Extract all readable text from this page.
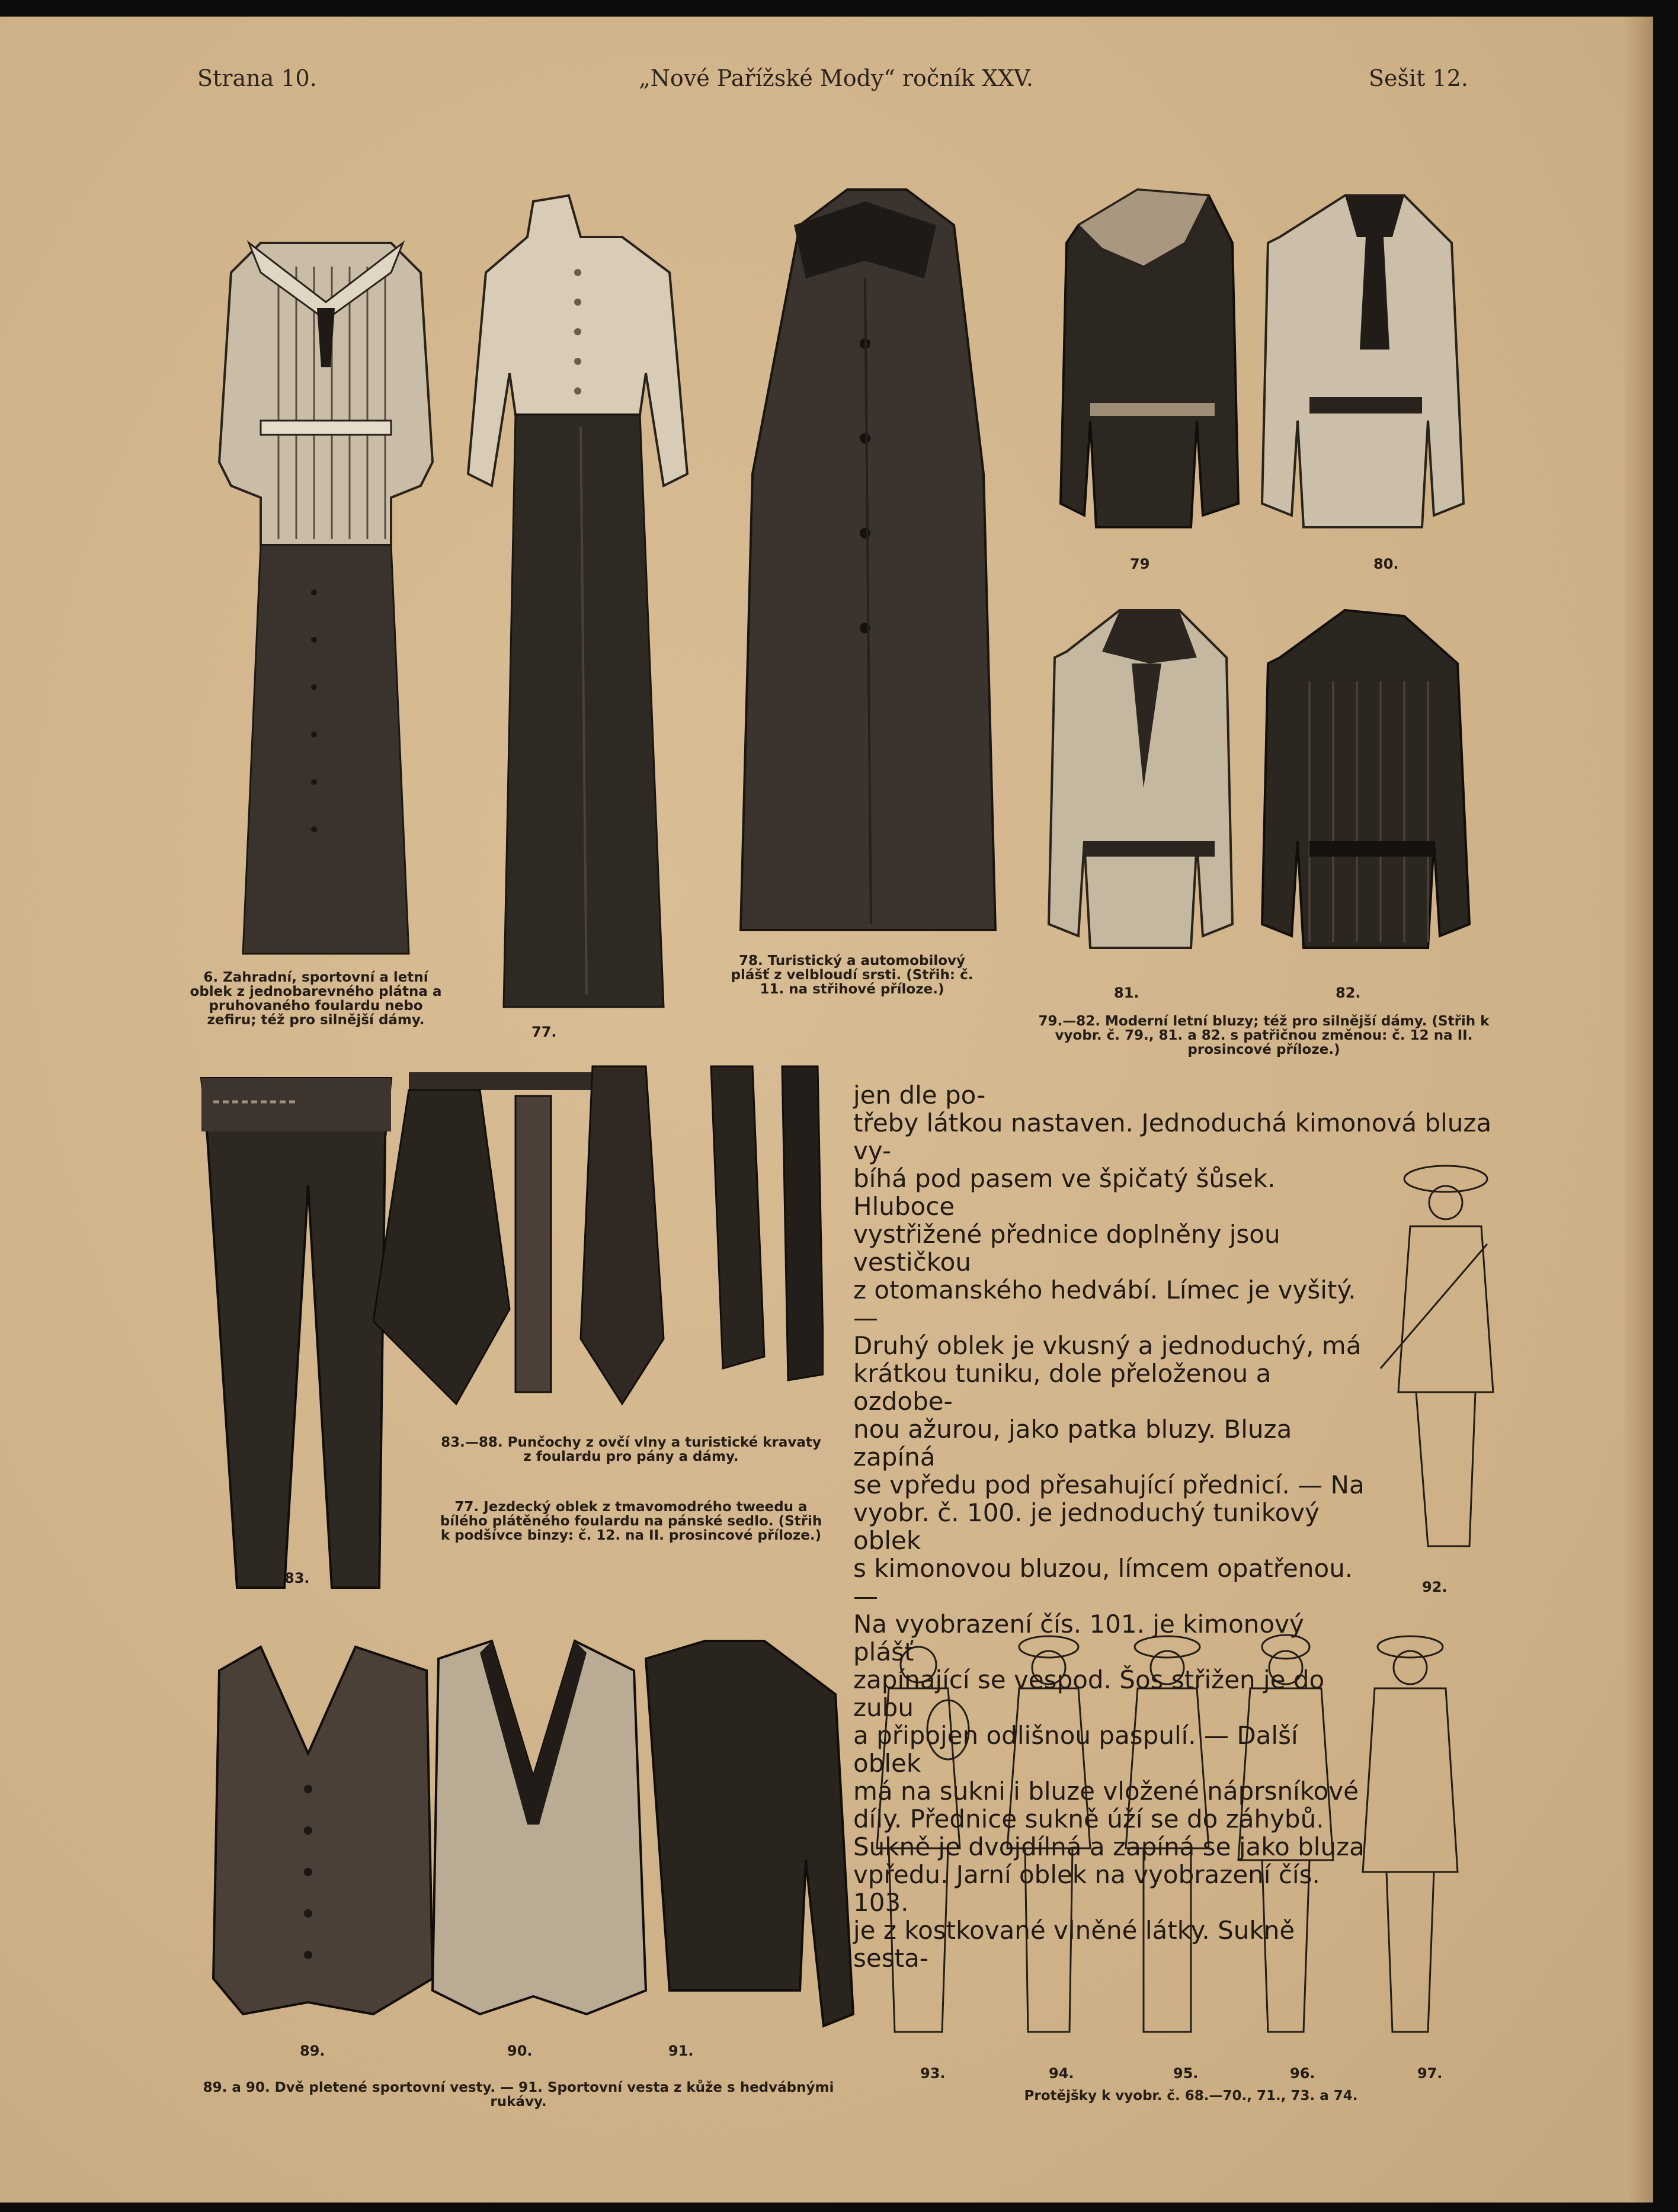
Strana 10.	„Nové Pařížské Mody“ ročník XXV.	Sešit 12.
6. Zahradní, sportovní a letní oblek z jednobarevného plátna a pruhovaného foulardu nebo zefiru; též pro silnější dámy.
78. Turistický a automobilový plášť z velbloudí srsti. (Střih: č. 11. na střihové příloze.)
79.—82. Moderní letní bluzy; též pro silnější dámy. (Střih k vyobr. č. 79., 81. a 82. s patřičnou změnou: č. 12 na II. prosincové příloze.)
83.—88. Punčochy z ovčí vlny a turistické kravaty z foulardu pro pány a dámy.
77. Jezdecký oblek z tmavomodrého tweedu a bílého plátěného foulardu na pánské sedlo. (Střih k podšívce binzy: č. 12. na II. prosincové příloze.)
89. a 90. Dvě pletené sportovní vesty. — 91. Sportovní vesta z kůže s hedvábnými rukávy.	Protějšky k vyobr. č. 68.—70., 71., 73. a 74.
77.
79	80.
81.	82.
83.
89.	90.	91.
92.
93.	94.	95.	96.	97.

jen dle po-

třeby látkou nastaven. Jednoduchá kimonová bluza vy-

bíhá pod pasem ve špičatý šůsek. Hluboce

vystřižené přednice doplněny jsou vestičkou

z otomanského hedvábí. Límec je vyšitý. —

Druhý oblek je vkusný a jednoduchý, má

krátkou tuniku, dole přeloženou a ozdobe-

nou ažurou, jako patka bluzy. Bluza zapíná

se vpředu pod přesahující přednicí. — Na

vyobr. č. 100. je jednoduchý tunikový oblek

s kimonovou bluzou, límcem opatřenou. —

Na vyobrazení čís. 101. je kimonový plášť

zapínající se vespod. Šos střižen je do zubu

a připojen odlišnou paspulí. — Další oblek

má na sukni i bluze vložené náprsníkové

díly. Přednice sukně úží se do záhybů.

Sukně je dvojdílná a zapíná se jako bluza

vpředu. Jarní oblek na vyobrazení čís. 103.

je z kostkované vlněné látky. Sukně sesta-
